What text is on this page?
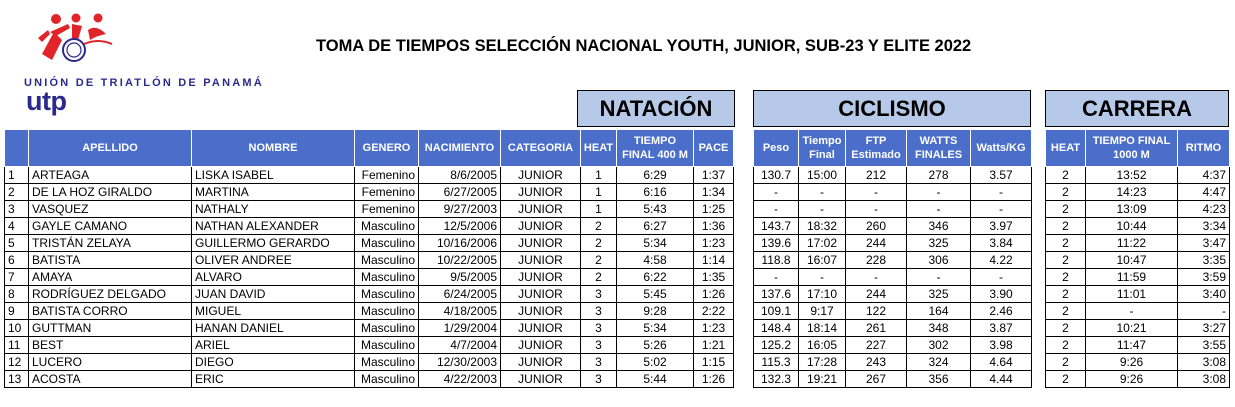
UNIÓN DE TRIATLÓN DE PANAMÁ
utp
TOMA DE TIEMPOS SELECCIÓN NACIONAL YOUTH, JUNIOR, SUB-23 Y ELITE 2022
NATACIÓN	CICLISMO	CARRERA
	APELLIDO	NOMBRE	GENERO	NACIMIENTO	CATEGORIA	HEAT	TIEMPO FINAL 400 M	PACE
1	ARTEAGA	LISKA ISABEL	Femenino	8/6/2005	JUNIOR	1	6:29	1:37
2	DE LA HOZ GIRALDO	MARTINA	Femenino	6/27/2005	JUNIOR	1	6:16	1:34
3	VASQUEZ	NATHALY	Femenino	9/27/2003	JUNIOR	1	5:43	1:25
4	GAYLE CAMANO	NATHAN ALEXANDER	Masculino	12/5/2006	JUNIOR	2	6:27	1:36
5	TRISTÁN ZELAYA	GUILLERMO GERARDO	Masculino	10/16/2006	JUNIOR	2	5:34	1:23
6	BATISTA	OLIVER ANDREE	Masculino	10/22/2005	JUNIOR	2	4:58	1:14
7	AMAYA	ALVARO	Masculino	9/5/2005	JUNIOR	2	6:22	1:35
8	RODRÍGUEZ DELGADO	JUAN DAVID	Masculino	6/24/2005	JUNIOR	3	5:45	1:26
9	BATISTA CORRO	MIGUEL	Masculino	4/18/2005	JUNIOR	3	9:28	2:22
10	GUTTMAN	HANAN DANIEL	Masculino	1/29/2004	JUNIOR	3	5:34	1:23
11	BEST	ARIEL	Masculino	4/7/2004	JUNIOR	3	5:26	1:21
12	LUCERO	DIEGO	Masculino	12/30/2003	JUNIOR	3	5:02	1:15
13	ACOSTA	ERIC	Masculino	4/22/2003	JUNIOR	3	5:44	1:26
Peso	Tiempo Final	FTP Estimado	WATTS FINALES	Watts/KG
130.7	15:00	212	278	3.57
-	-	-	-	-
-	-	-	-	-
143.7	18:32	260	346	3.97
139.6	17:02	244	325	3.84
118.8	16:07	228	306	4.22
-	-	-	-	-
137.6	17:10	244	325	3.90
109.1	9:17	122	164	2.46
148.4	18:14	261	348	3.87
125.2	16:05	227	302	3.98
115.3	17:28	243	324	4.64
132.3	19:21	267	356	4.44
HEAT	TIEMPO FINAL 1000 M	RITMO
2	13:52	4:37
2	14:23	4:47
2	13:09	4:23
2	10:44	3:34
2	11:22	3:47
2	10:47	3:35
2	11:59	3:59
2	11:01	3:40
2	-	-
2	10:21	3:27
2	11:47	3:55
2	9:26	3:08
2	9:26	3:08
